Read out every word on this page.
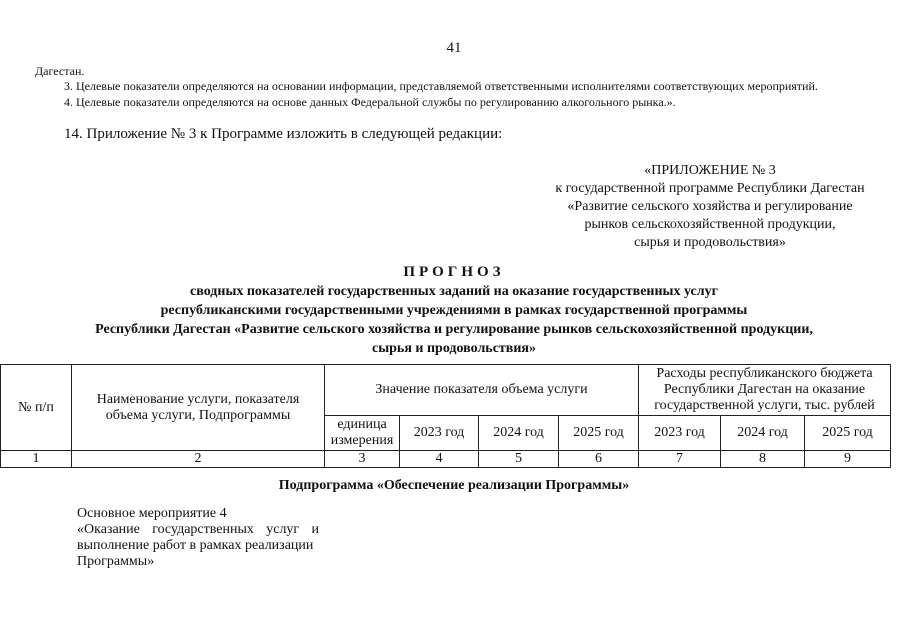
41
Дагестан.
3. Целевые показатели определяются на основании информации, представляемой ответственными исполнителями соответствующих мероприятий.
4. Целевые показатели определяются на основе данных Федеральной службы по регулированию алкогольного рынка.».
14. Приложение № 3 к Программе изложить в следующей редакции:
«ПРИЛОЖЕНИЕ № 3
к государственной программе Республики Дагестан
«Развитие сельского хозяйства и регулирование
рынков сельскохозяйственной продукции,
сырья и продовольствия»
ПРОГНОЗ
сводных показателей государственных заданий на оказание государственных услуг
республиканскими государственными учреждениями в рамках государственной программы
Республики Дагестан «Развитие сельского хозяйства и регулирование рынков сельскохозяйственной продукции,
сырья и продовольствия»
№ п/п	Наименование услуги, показателя объема услуги, Подпрограммы	Значение показателя объема услуги				Расходы республиканского бюджета Республики Дагестан на оказание государственной услуги, тыс. рублей		
		единица измерения	2023 год	2024 год	2025 год	2023 год	2024 год	2025 год
1	2	3	4	5	6	7	8	9
Подпрограмма «Обеспечение реализации Программы»
Основное мероприятие 4
«Оказание государственных услуг и
выполнение работ в рамках реализации
Программы»
